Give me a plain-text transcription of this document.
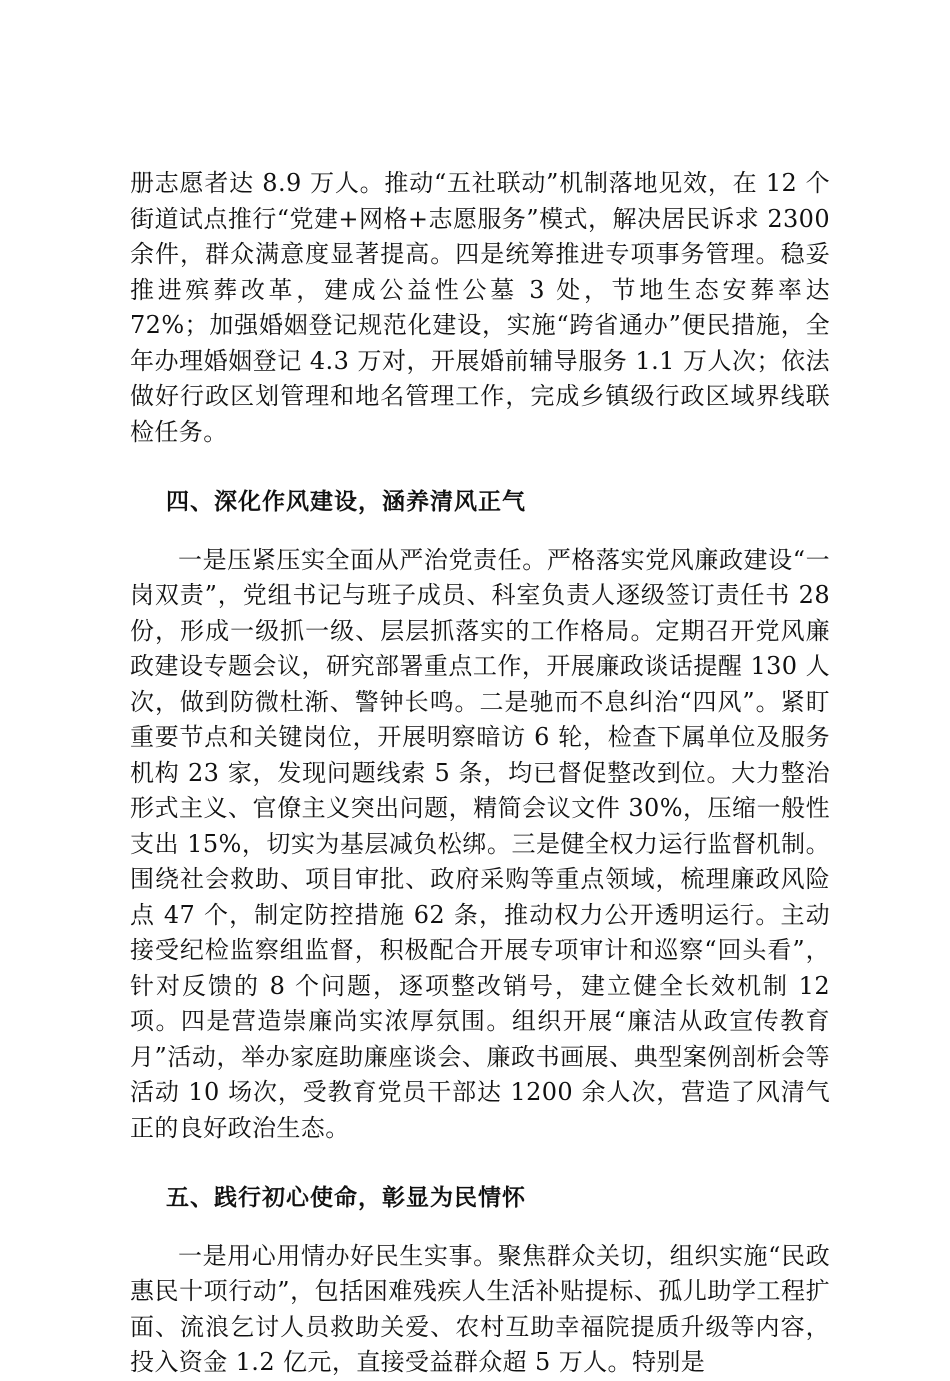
册志愿者达 8.9 万人。推动“五社联动”机制落地见效，在 12 个街道试点推行“党建+网格+志愿服务”模式，解决居民诉求 2300 余件，群众满意度显著提高。四是统筹推进专项事务管理。稳妥推进殡葬改革，建成公益性公墓 3 处，节地生态安葬率达 72%；加强婚姻登记规范化建设，实施“跨省通办”便民措施，全年办理婚姻登记 4.3 万对，开展婚前辅导服务 1.1 万人次；依法做好行政区划管理和地名管理工作，完成乡镇级行政区域界线联检任务。

四、深化作风建设，涵养清风正气

一是压紧压实全面从严治党责任。严格落实党风廉政建设“一岗双责”，党组书记与班子成员、科室负责人逐级签订责任书 28 份，形成一级抓一级、层层抓落实的工作格局。定期召开党风廉政建设专题会议，研究部署重点工作，开展廉政谈话提醒 130 人次，做到防微杜渐、警钟长鸣。二是驰而不息纠治“四风”。紧盯重要节点和关键岗位，开展明察暗访 6 轮，检查下属单位及服务机构 23 家，发现问题线索 5 条，均已督促整改到位。大力整治形式主义、官僚主义突出问题，精简会议文件 30%，压缩一般性支出 15%，切实为基层减负松绑。三是健全权力运行监督机制。围绕社会救助、项目审批、政府采购等重点领域，梳理廉政风险点 47 个，制定防控措施 62 条，推动权力公开透明运行。主动接受纪检监察组监督，积极配合开展专项审计和巡察“回头看”，针对反馈的 8 个问题，逐项整改销号，建立健全长效机制 12 项。四是营造崇廉尚实浓厚氛围。组织开展“廉洁从政宣传教育月”活动，举办家庭助廉座谈会、廉政书画展、典型案例剖析会等活动 10 场次，受教育党员干部达 1200 余人次，营造了风清气正的良好政治生态。

五、践行初心使命，彰显为民情怀

一是用心用情办好民生实事。聚焦群众关切，组织实施“民政惠民十项行动”，包括困难残疾人生活补贴提标、孤儿助学工程扩面、流浪乞讨人员救助关爱、农村互助幸福院提质升级等内容，投入资金 1.2 亿元，直接受益群众超 5 万人。特别是
